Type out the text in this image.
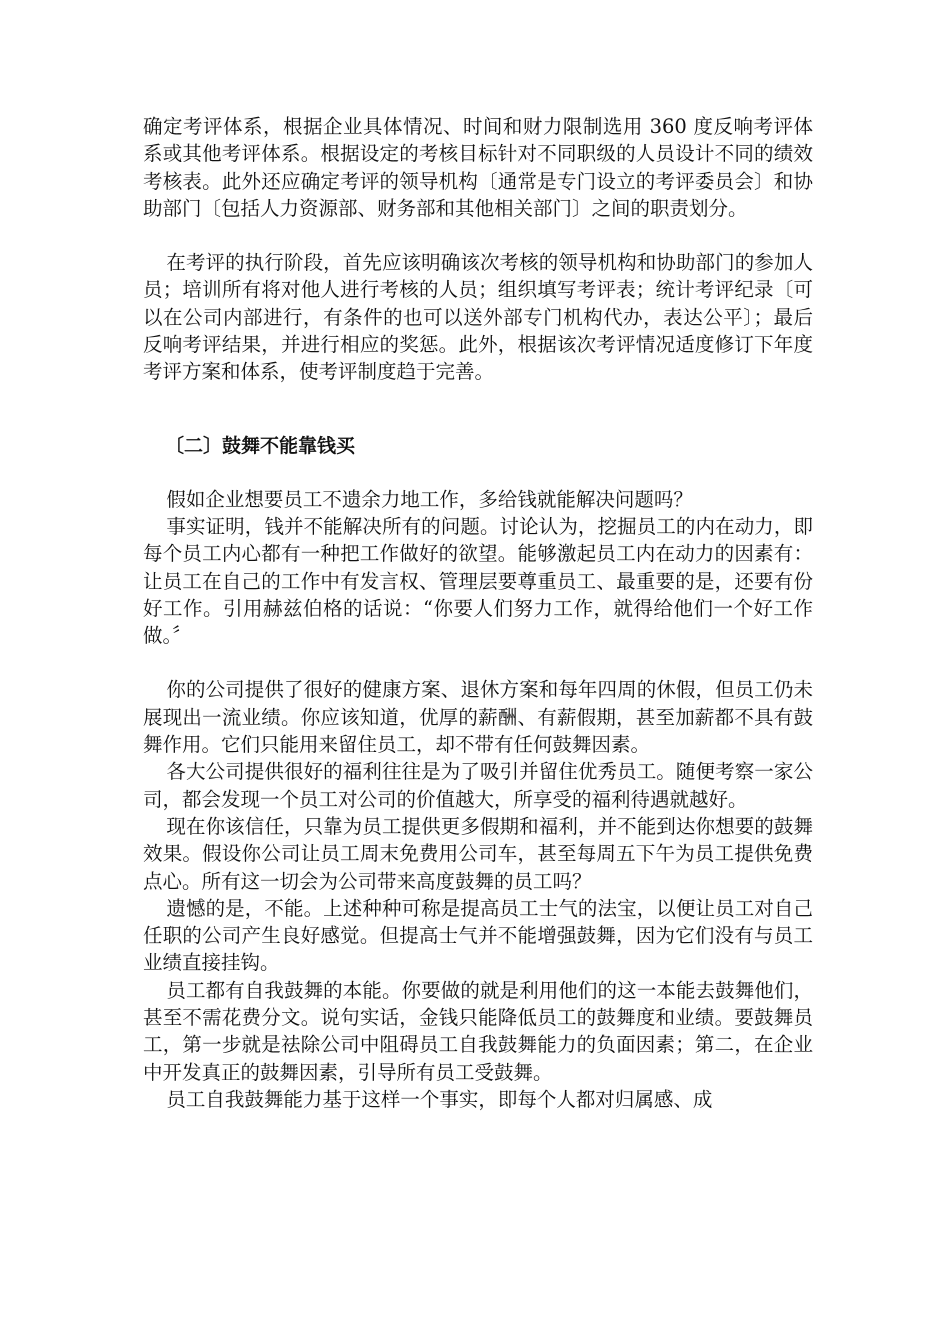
确定考评体系，根据企业具体情况、时间和财力限制选用 360 度反响考评体系或其他考评体系。根据设定的考核目标针对不同职级的人员设计不同的绩效考核表。此外还应确定考评的领导机构〔通常是专门设立的考评委员会〕和协助部门〔包括人力资源部、财务部和其他相关部门〕之间的职责划分。

在考评的执行阶段，首先应该明确该次考核的领导机构和协助部门的参加人员；培训所有将对他人进行考核的人员；组织填写考评表；统计考评纪录〔可以在公司内部进行，有条件的也可以送外部专门机构代办，表达公平〕；最后反响考评结果，并进行相应的奖惩。此外，根据该次考评情况适度修订下年度考评方案和体系，使考评制度趋于完善。

〔二〕鼓舞不能靠钱买

假如企业想要员工不遗余力地工作，多给钱就能解决问题吗？

事实证明，钱并不能解决所有的问题。讨论认为，挖掘员工的内在动力，即每个员工内心都有一种把工作做好的欲望。能够激起员工内在动力的因素有：让员工在自己的工作中有发言权、管理层要尊重员工、最重要的是，还要有份好工作。引用赫兹伯格的话说：“你要人们努力工作，就得给他们一个好工作做。〞

你的公司提供了很好的健康方案、退休方案和每年四周的休假，但员工仍未展现出一流业绩。你应该知道，优厚的薪酬、有薪假期，甚至加薪都不具有鼓舞作用。它们只能用来留住员工，却不带有任何鼓舞因素。

各大公司提供很好的福利往往是为了吸引并留住优秀员工。随便考察一家公司，都会发现一个员工对公司的价值越大，所享受的福利待遇就越好。

现在你该信任，只靠为员工提供更多假期和福利，并不能到达你想要的鼓舞效果。假设你公司让员工周末免费用公司车，甚至每周五下午为员工提供免费点心。所有这一切会为公司带来高度鼓舞的员工吗？

遗憾的是，不能。上述种种可称是提高员工士气的法宝，以便让员工对自己任职的公司产生良好感觉。但提高士气并不能增强鼓舞，因为它们没有与员工业绩直接挂钩。

员工都有自我鼓舞的本能。你要做的就是利用他们的这一本能去鼓舞他们，甚至不需花费分文。说句实话，金钱只能降低员工的鼓舞度和业绩。要鼓舞员工，第一步就是祛除公司中阻碍员工自我鼓舞能力的负面因素；第二，在企业中开发真正的鼓舞因素，引导所有员工受鼓舞。

员工自我鼓舞能力基于这样一个事实，即每个人都对归属感、成
